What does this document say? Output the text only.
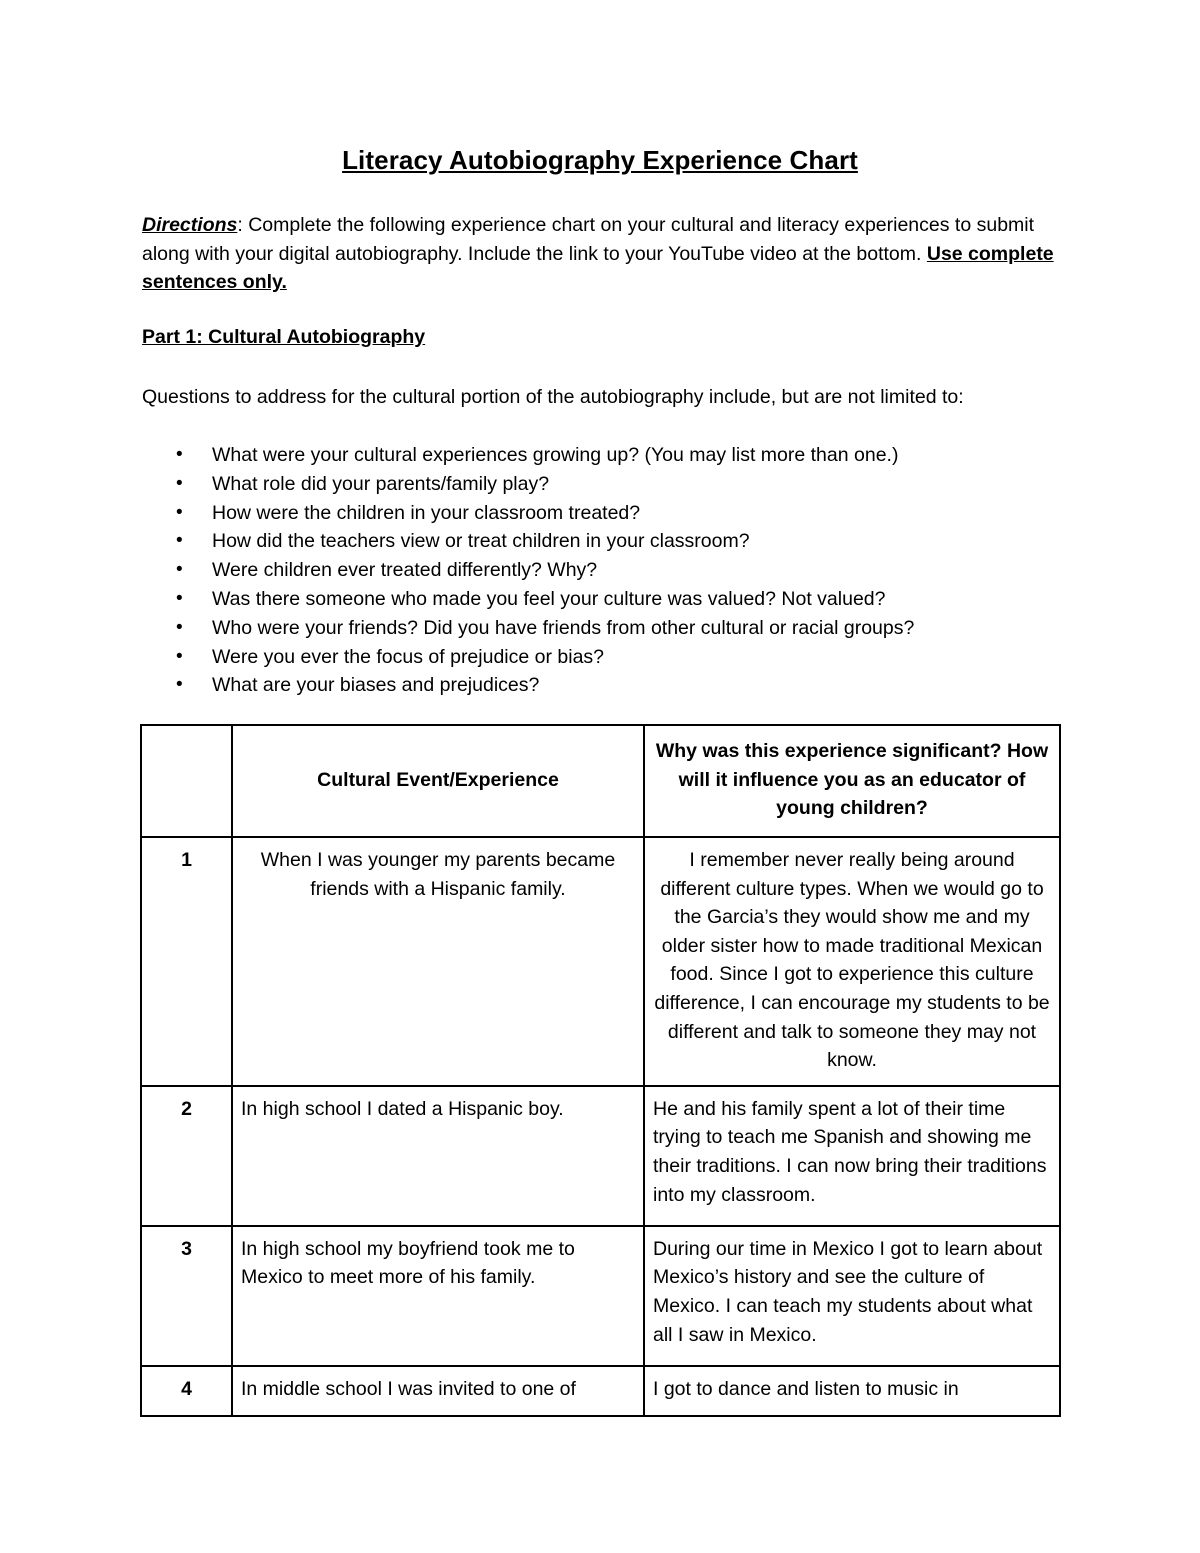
Literacy Autobiography Experience Chart
Directions: Complete the following experience chart on your cultural and literacy experiences to submit along with your digital autobiography. Include the link to your YouTube video at the bottom. Use complete sentences only.
Part 1: Cultural Autobiography
Questions to address for the cultural portion of the autobiography include, but are not limited to:
• What were your cultural experiences growing up? (You may list more than one.)
• What role did your parents/family play?
• How were the children in your classroom treated?
• How did the teachers view or treat children in your classroom?
• Were children ever treated differently? Why?
• Was there someone who made you feel your culture was valued? Not valued?
• Who were your friends? Did you have friends from other cultural or racial groups?
• Were you ever the focus of prejudice or bias?
• What are your biases and prejudices?
	Cultural Event/Experience	Why was this experience significant? How will it influence you as an educator of young children?
1	When I was younger my parents became friends with a Hispanic family.	I remember never really being around different culture types. When we would go to the Garcia’s they would show me and my older sister how to made traditional Mexican food. Since I got to experience this culture difference, I can encourage my students to be different and talk to someone they may not know.
2	In high school I dated a Hispanic boy.	He and his family spent a lot of their time trying to teach me Spanish and showing me their traditions. I can now bring their traditions into my classroom.
3	In high school my boyfriend took me to Mexico to meet more of his family.	During our time in Mexico I got to learn about Mexico’s history and see the culture of Mexico. I can teach my students about what all I saw in Mexico.
4	In middle school I was invited to one of	I got to dance and listen to music in
